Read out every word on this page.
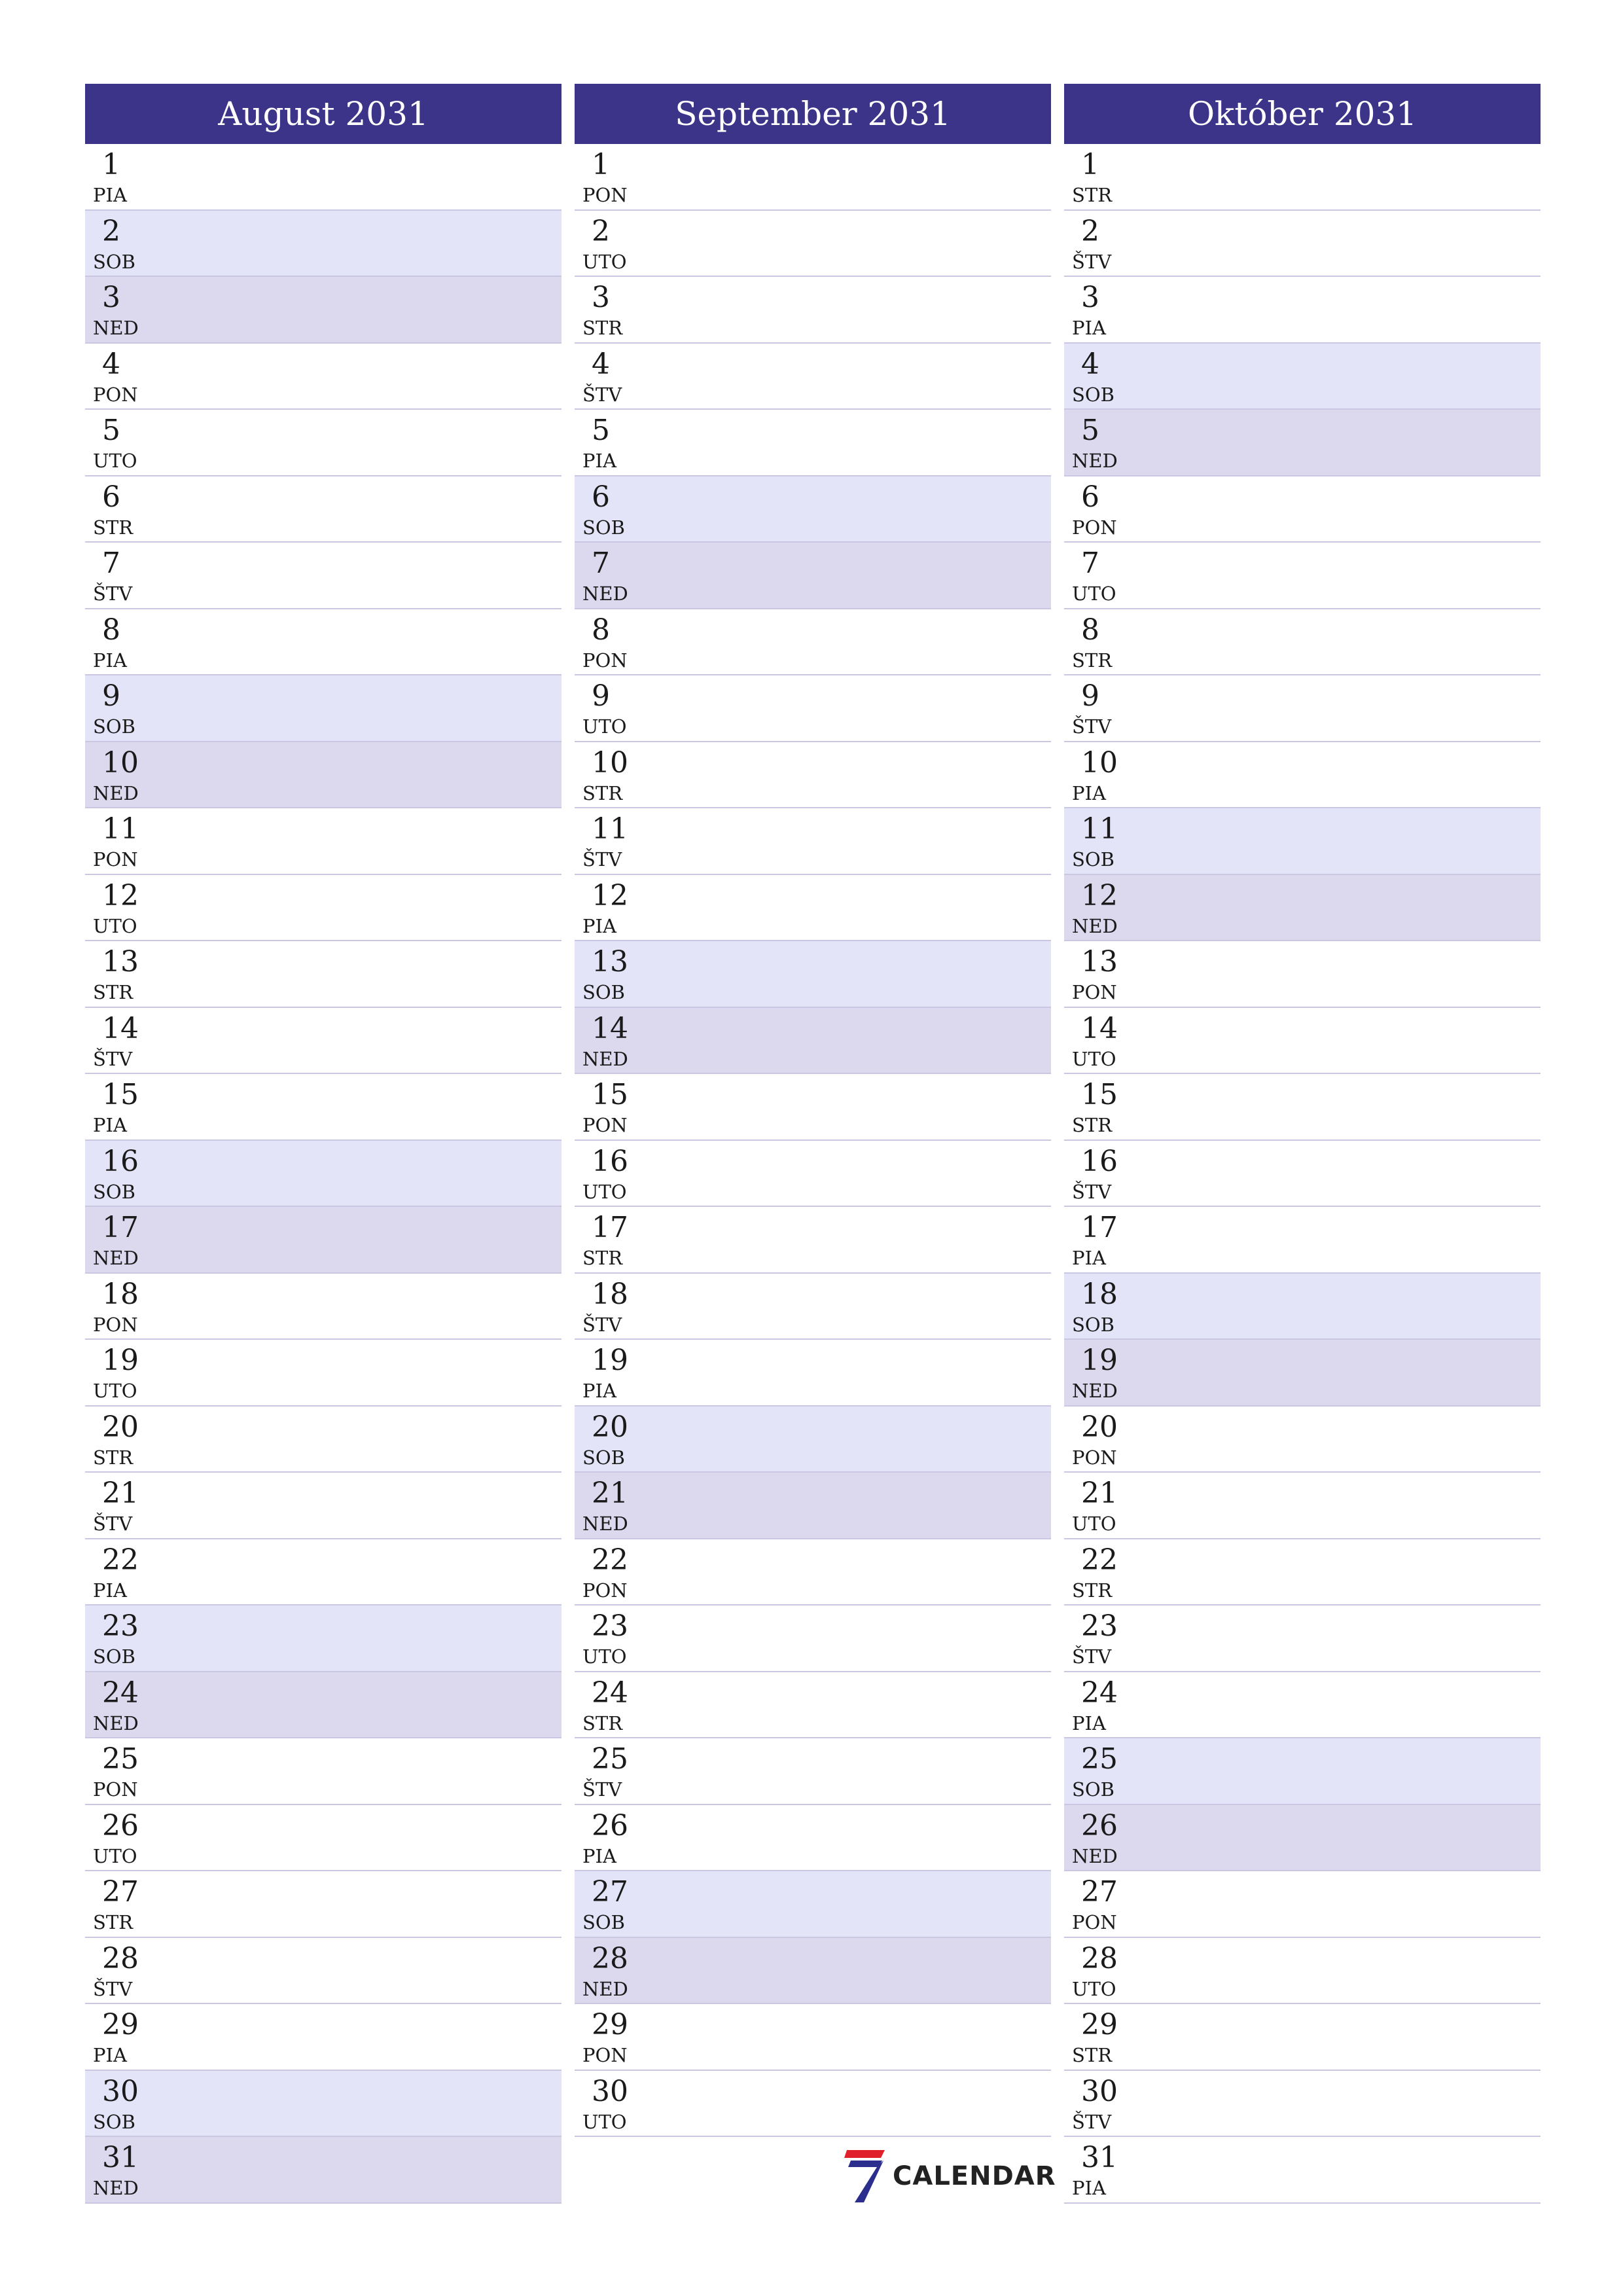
August 2031
1
PIA
2
SOB
3
NED
4
PON
5
UTO
6
STR
7
ŠTV
8
PIA
9
SOB
10
NED
11
PON
12
UTO
13
STR
14
ŠTV
15
PIA
16
SOB
17
NED
18
PON
19
UTO
20
STR
21
ŠTV
22
PIA
23
SOB
24
NED
25
PON
26
UTO
27
STR
28
ŠTV
29
PIA
30
SOB
31
NED
September 2031
1
PON
2
UTO
3
STR
4
ŠTV
5
PIA
6
SOB
7
NED
8
PON
9
UTO
10
STR
11
ŠTV
12
PIA
13
SOB
14
NED
15
PON
16
UTO
17
STR
18
ŠTV
19
PIA
20
SOB
21
NED
22
PON
23
UTO
24
STR
25
ŠTV
26
PIA
27
SOB
28
NED
29
PON
30
UTO
Október 2031
1
STR
2
ŠTV
3
PIA
4
SOB
5
NED
6
PON
7
UTO
8
STR
9
ŠTV
10
PIA
11
SOB
12
NED
13
PON
14
UTO
15
STR
16
ŠTV
17
PIA
18
SOB
19
NED
20
PON
21
UTO
22
STR
23
ŠTV
24
PIA
25
SOB
26
NED
27
PON
28
UTO
29
STR
30
ŠTV
31
PIA
CALENDAR
